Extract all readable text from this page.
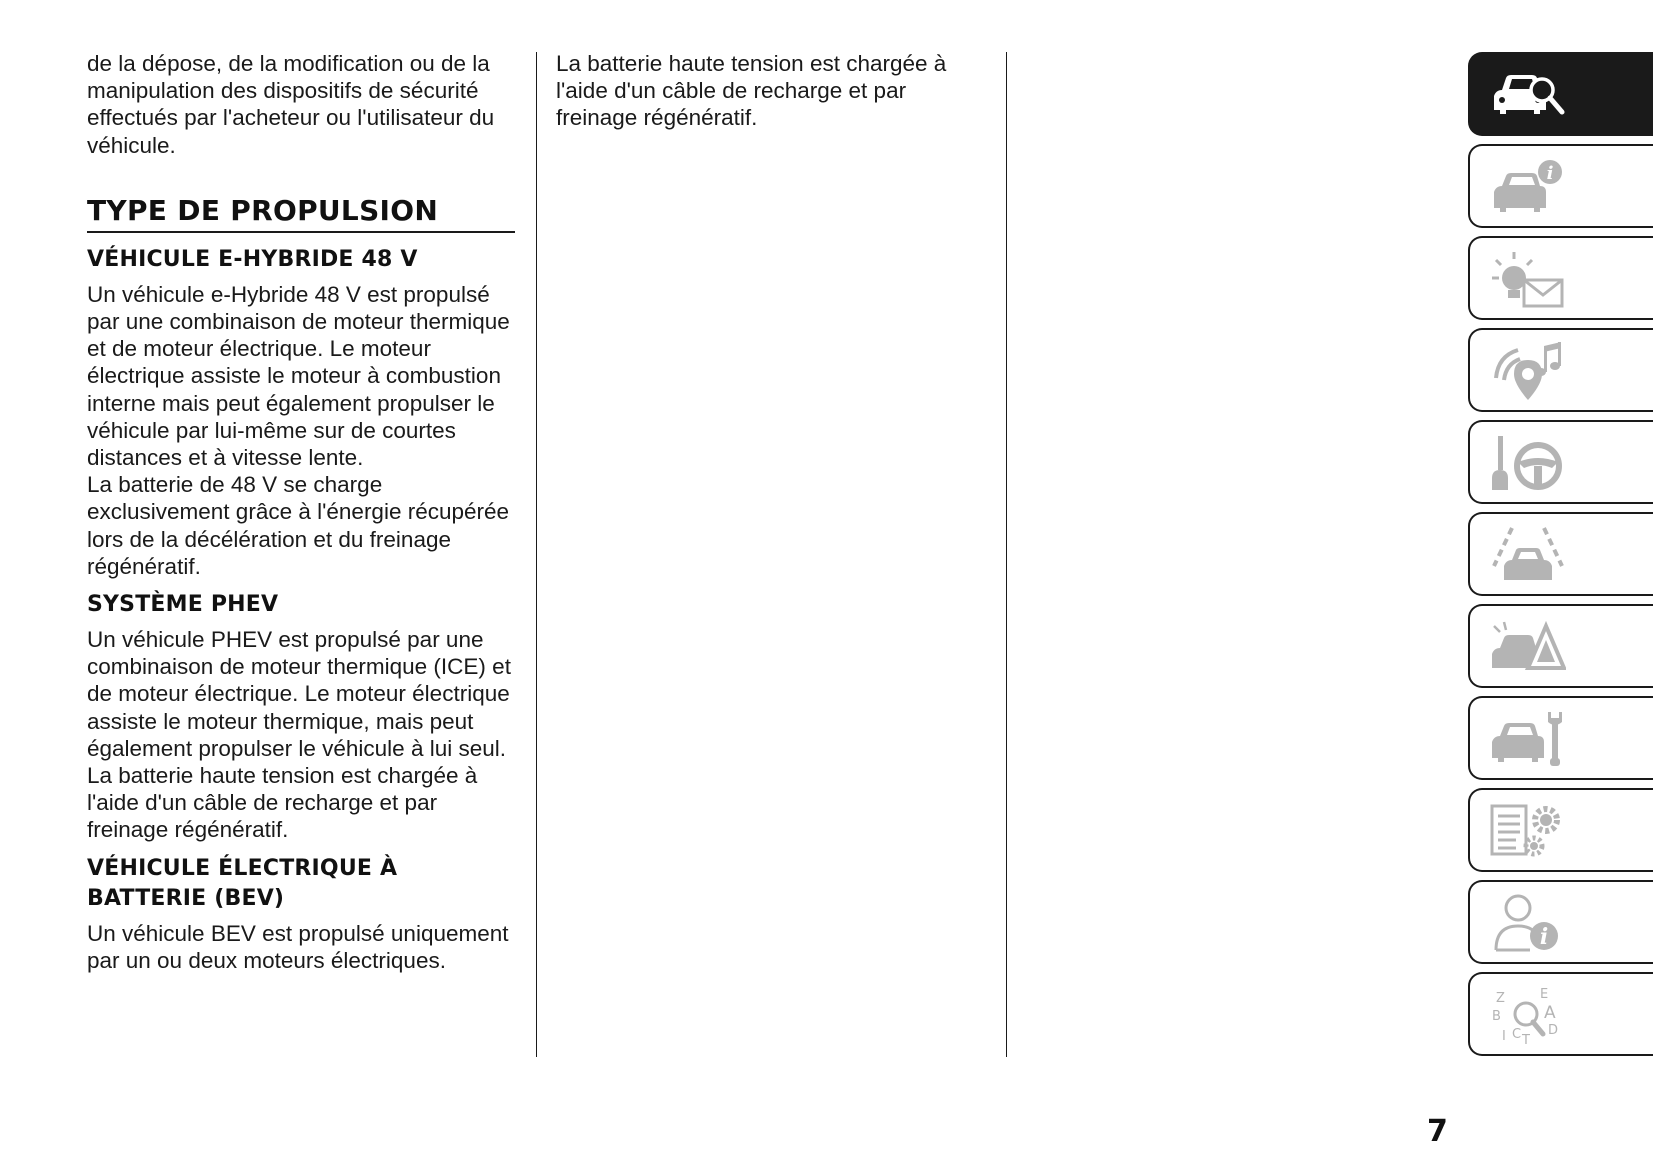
de la dépose, de la modification ou de la manipulation des dispositifs de sécurité effectués par l'acheteur ou l'utilisateur du véhicule.

TYPE DE PROPULSION
VÉHICULE E-HYBRIDE 48 V

Un véhicule e-Hybride 48 V est propulsé par une combinaison de moteur thermique et de moteur électrique. Le moteur électrique assiste le moteur à combustion interne mais peut également propulser le véhicule par lui-même sur de courtes distances et à vitesse lente.

La batterie de 48 V se charge exclusivement grâce à l'énergie récupérée lors de la décélération et du freinage régénératif.

SYSTÈME PHEV

Un véhicule PHEV est propulsé par une combinaison de moteur thermique (ICE) et de moteur électrique. Le moteur électrique assiste le moteur thermique, mais peut également propulser le véhicule à lui seul.

La batterie haute tension est chargée à l'aide d'un câble de recharge et par freinage régénératif.

VÉHICULE ÉLECTRIQUE À BATTERIE (BEV)

Un véhicule BEV est propulsé uniquement par un ou deux moteurs électriques.

La batterie haute tension est chargée à l'aide d'un câble de recharge et par freinage régénératif.

i
i
Z	E
B	A
D
I C T
7
